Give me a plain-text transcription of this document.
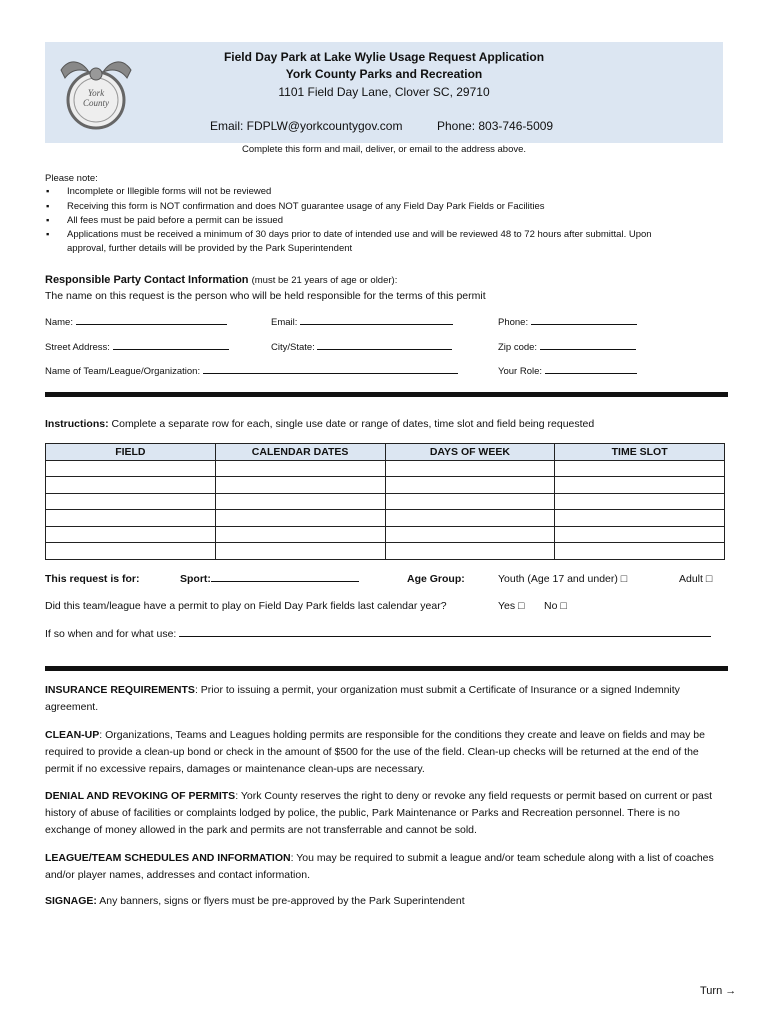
York
County
Field Day Park at Lake Wylie Usage Request Application
York County Parks and Recreation
1101 Field Day Lane, Clover SC, 29710
Email: FDPLW@yorkcountygov.com	Phone: 803-746-5009
Complete this form and mail, deliver, or email to the address above.
Please note:
▪ Incomplete or Illegible forms will not be reviewed
▪ Receiving this form is NOT confirmation and does NOT guarantee usage of any Field Day Park Fields or Facilities
▪ All fees must be paid before a permit can be issued
▪ Applications must be received a minimum of 30 days prior to date of intended use and will be reviewed 48 to 72 hours after submittal. Upon
approval, further details will be provided by the Park Superintendent
Responsible Party Contact Information (must be 21 years of age or older):
The name on this request is the person who will be held responsible for the terms of this permit
Name:	Email:	Phone:
Street Address:	City/State:	Zip code:
Name of Team/League/Organization:	Your Role:
Instructions: Complete a separate row for each, single use date or range of dates, time slot and field being requested
FIELD	CALENDAR DATES	DAYS OF WEEK	TIME SLOT

This request is for:	Sport:	Age Group:	Youth (Age 17 and under) □	Adult □
Did this team/league have a permit to play on Field Day Park fields last calendar year?	Yes □ No □
If so when and for what use:
INSURANCE REQUIREMENTS: Prior to issuing a permit, your organization must submit a Certificate of Insurance or a signed Indemnity agreement.
CLEAN-UP: Organizations, Teams and Leagues holding permits are responsible for the conditions they create and leave on fields and may be required to provide a clean-up bond or check in the amount of $500 for the use of the field. Clean-up checks will be returned at the end of the permit if no excessive repairs, damages or maintenance clean-ups are necessary.
DENIAL AND REVOKING OF PERMITS: York County reserves the right to deny or revoke any field requests or permit based on current or past history of abuse of facilities or complaints lodged by police, the public, Park Maintenance or Parks and Recreation personnel. There is no exchange of money allowed in the park and permits are not transferrable and cannot be sold.
LEAGUE/TEAM SCHEDULES AND INFORMATION: You may be required to submit a league and/or team schedule along with a list of coaches and/or player names, addresses and contact information.
SIGNAGE: Any banners, signs or flyers must be pre-approved by the Park Superintendent
Turn →
